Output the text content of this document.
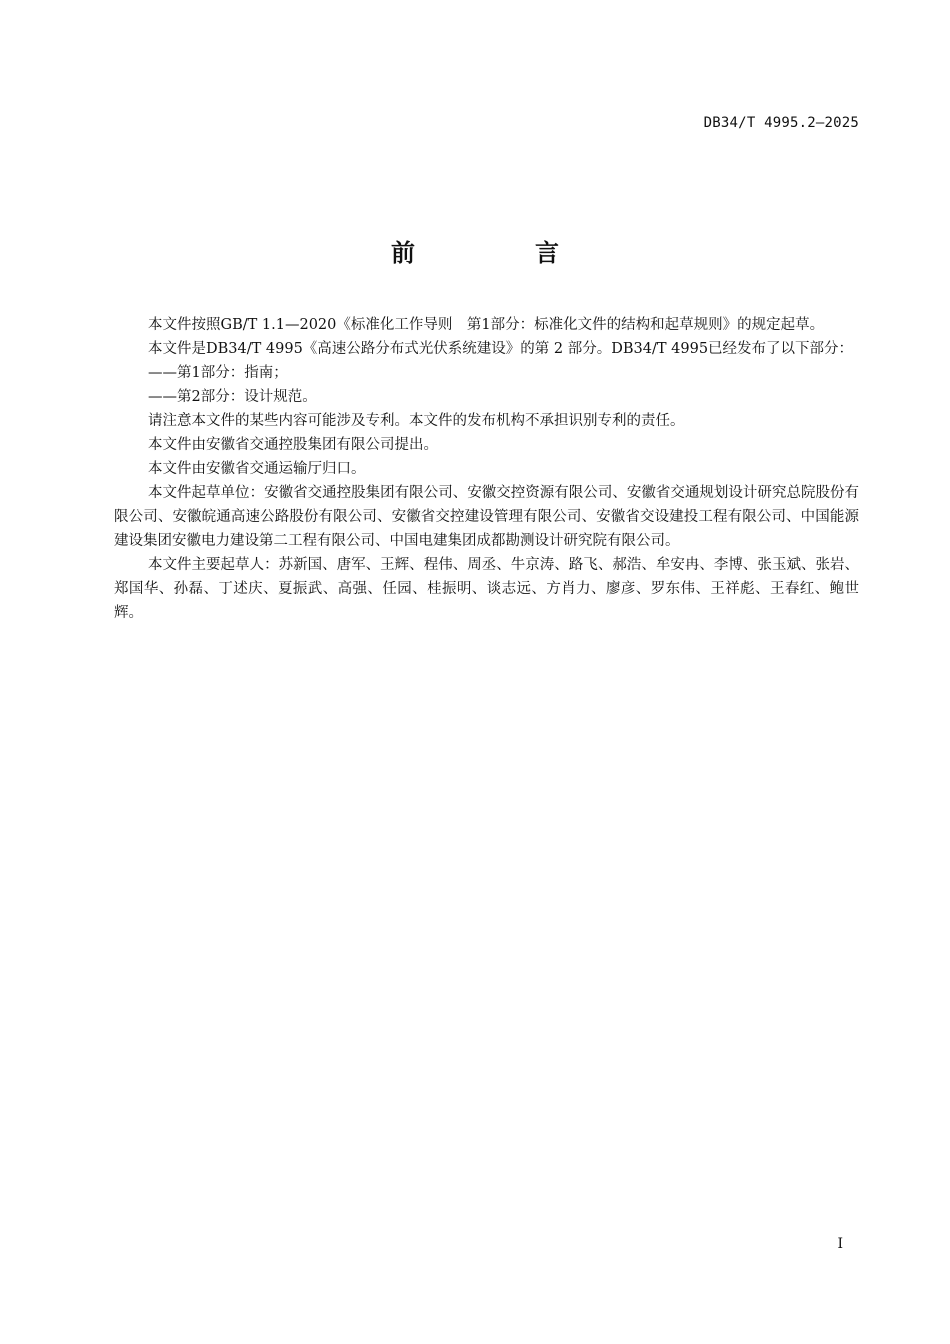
DB34/T 4995.2—2025
前　言

本文件按照GB/T 1.1—2020《标准化工作导则　第1部分：标准化文件的结构和起草规则》的规定起草。

本文件是DB34/T 4995《高速公路分布式光伏系统建设》的第 2 部分。DB34/T 4995已经发布了以下部分：

——第1部分：指南；

——第2部分：设计规范。

请注意本文件的某些内容可能涉及专利。本文件的发布机构不承担识别专利的责任。

本文件由安徽省交通控股集团有限公司提出。

本文件由安徽省交通运输厅归口。

本文件起草单位：安徽省交通控股集团有限公司、安徽交控资源有限公司、安徽省交通规划设计研究总院股份有限公司、安徽皖通高速公路股份有限公司、安徽省交控建设管理有限公司、安徽省交设建投工程有限公司、中国能源建设集团安徽电力建设第二工程有限公司、中国电建集团成都勘测设计研究院有限公司。

本文件主要起草人：苏新国、唐军、王辉、程伟、周丞、牛京涛、路飞、郝浩、牟安冉、李博、张玉斌、张岩、郑国华、孙磊、丁述庆、夏振武、高强、任园、桂振明、谈志远、方肖力、廖彦、罗东伟、王祥彪、王春红、鲍世辉。

I
